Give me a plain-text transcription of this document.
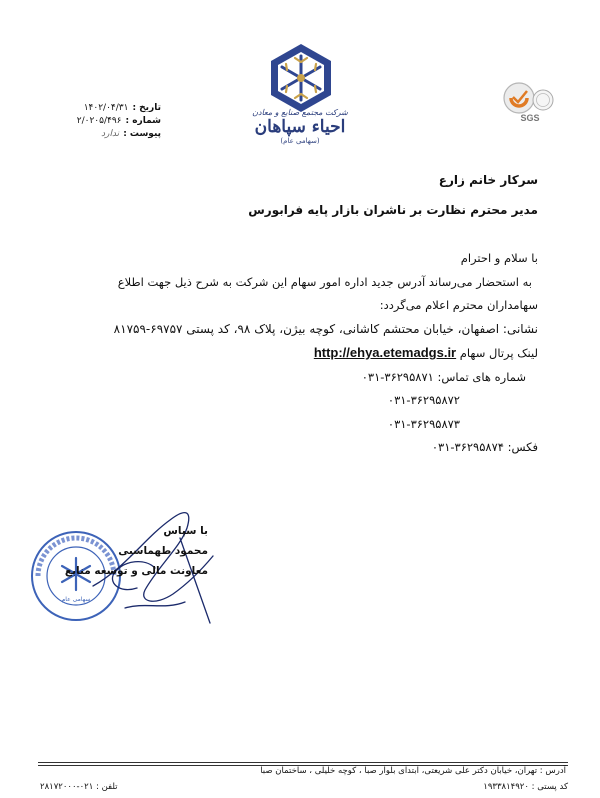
تاریخ :
۱۴۰۲/۰۴/۳۱
شماره :
۲/۰۲۰۵/۴۹۶
پیوست :
ندارد
شرکت مجتمع صنایع و معادن
احیاء سپاهان
(سهامی عام)
SGS
سرکار خانم زارع
مدیر محترم نظارت بر ناشران بازار پایه فرابورس
با سلام و احترام
به استحضار می‌رساند آدرس جدید اداره امور سهام این شرکت به شرح ذیل جهت اطلاع
سهامداران محترم اعلام می‌گردد:
نشانی: اصفهان، خیابان محتشم کاشانی، کوچه بیژن، پلاک ۹۸، کد پستی ۶۹۷۵۷-۸۱۷۵۹
لینک پرتال سهام http://ehya.etemadgs.ir
شماره های تماس: ۰۳۱-۳۶۲۹۵۸۷۱
۰۳۱-۳۶۲۹۵۸۷۲
۰۳۱-۳۶۲۹۵۸۷۳
فکس: ۰۳۱-۳۶۲۹۵۸۷۴
سهامی عام
با سپاس
محمود طهماسبی
معاونت مالی و توسعه منابع
آدرس : تهران، خیابان دکتر علی شریعتی، ابتدای بلوار صبا ، کوچه خلیلی ، ساختمان صبا
کد پستی : ۱۹۳۳۸۱۴۹۲۰
تلفن : ۰۲۱-۲۸۱۷۲۰۰۰
